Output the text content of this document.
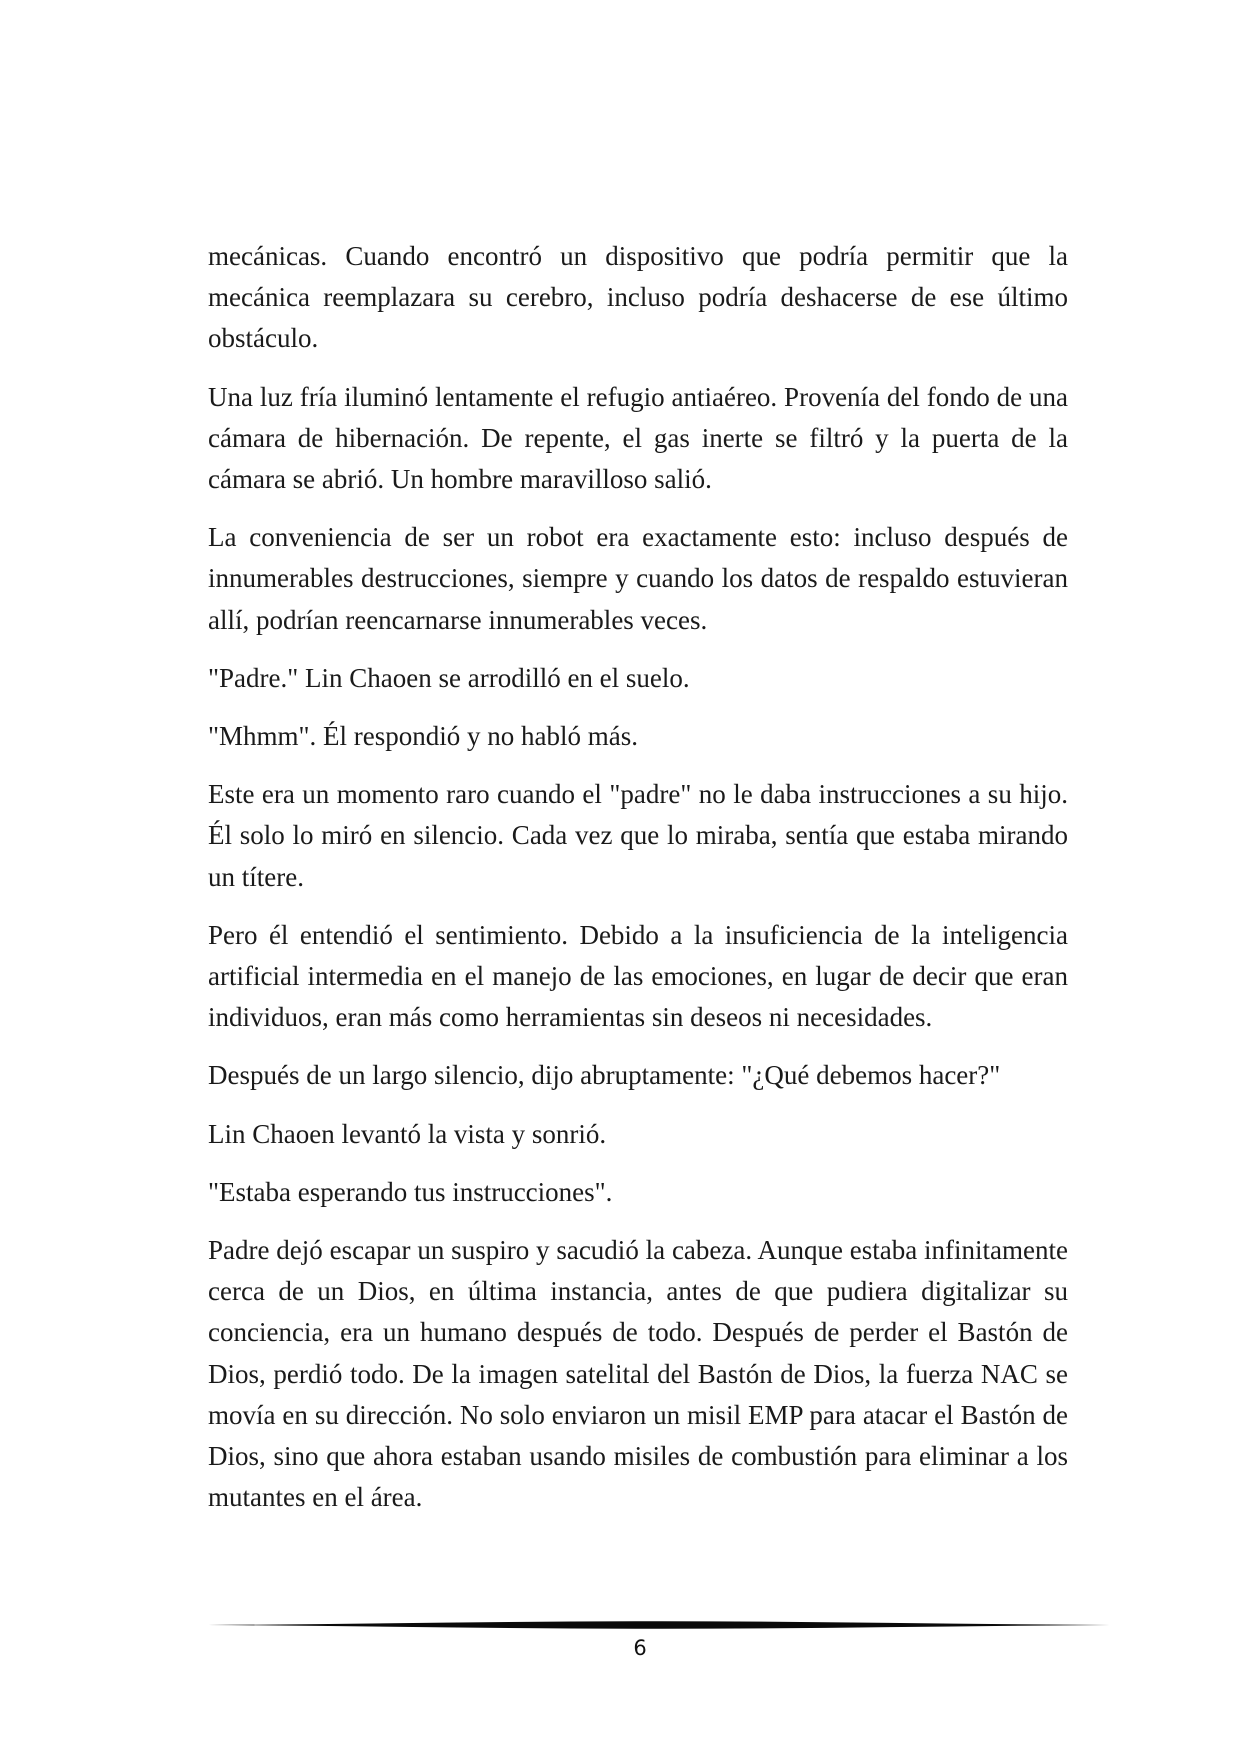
mecánicas. Cuando encontró un dispositivo que podría permitir que la mecánica reemplazara su cerebro, incluso podría deshacerse de ese último obstáculo.

Una luz fría iluminó lentamente el refugio antiaéreo. Provenía del fondo de una cámara de hibernación. De repente, el gas inerte se filtró y la puerta de la cámara se abrió. Un hombre maravilloso salió.

La conveniencia de ser un robot era exactamente esto: incluso después de innumerables destrucciones, siempre y cuando los datos de respaldo estuvieran allí, podrían reencarnarse innumerables veces.

"Padre." Lin Chaoen se arrodilló en el suelo.

"Mhmm". Él respondió y no habló más.

Este era un momento raro cuando el "padre" no le daba instrucciones a su hijo. Él solo lo miró en silencio. Cada vez que lo miraba, sentía que estaba mirando un títere.

Pero él entendió el sentimiento. Debido a la insuficiencia de la inteligencia artificial intermedia en el manejo de las emociones, en lugar de decir que eran individuos, eran más como herramientas sin deseos ni necesidades.

Después de un largo silencio, dijo abruptamente: "¿Qué debemos hacer?"

Lin Chaoen levantó la vista y sonrió.

"Estaba esperando tus instrucciones".

Padre dejó escapar un suspiro y sacudió la cabeza. Aunque estaba infinitamente cerca de un Dios, en última instancia, antes de que pudiera digitalizar su conciencia, era un humano después de todo. Después de perder el Bastón de Dios, perdió todo. De la imagen satelital del Bastón de Dios, la fuerza NAC se movía en su dirección. No solo enviaron un misil EMP para atacar el Bastón de Dios, sino que ahora estaban usando misiles de combustión para eliminar a los mutantes en el área.

6
